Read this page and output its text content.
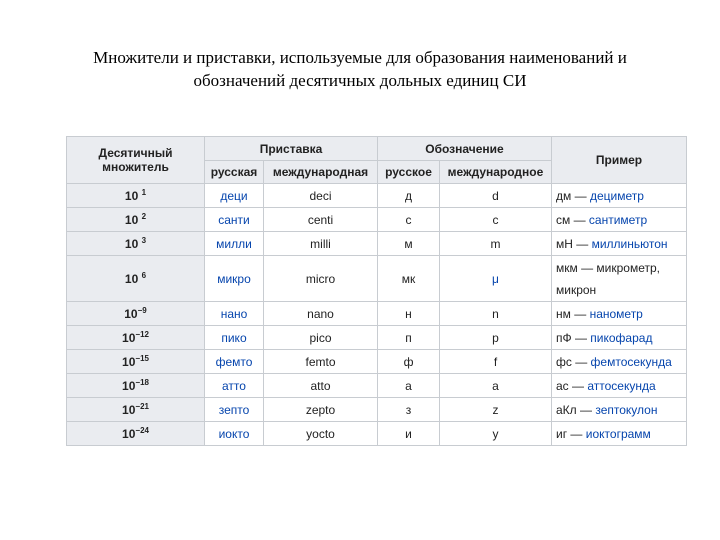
Множители и приставки, используемые для образования наименований и
обозначений десятичных дольных единиц СИ
Десятичный
множитель	Приставка		Обозначение		Пример
	русская	международная	русское	международное	
10 $^1$	деци	deci	д	d	дм — дециметр
10 $^2$	санти	centi	с	c	см — сантиметр
10 $^3$	милли	milli	м	m	мН — миллиньютон
10 $^6$	микро	micro	мк	μ	мкм — микрометр,
микрон

$10^{-9}$	нано	nano	н	n	нм — нанометр
$10^{-12}$	пико	pico	п	p	пФ — пикофарад
$10^{-15}$	фемто	femto	ф	f	фс — фемтосекунда
$10^{-18}$	атто	atto	а	a	ас — аттосекунда
$10^{-21}$	зепто	zepto	з	z	аКл — зептокулон
$10^{-24}$	иокто	yocto	и	y	иг — иоктограмм
